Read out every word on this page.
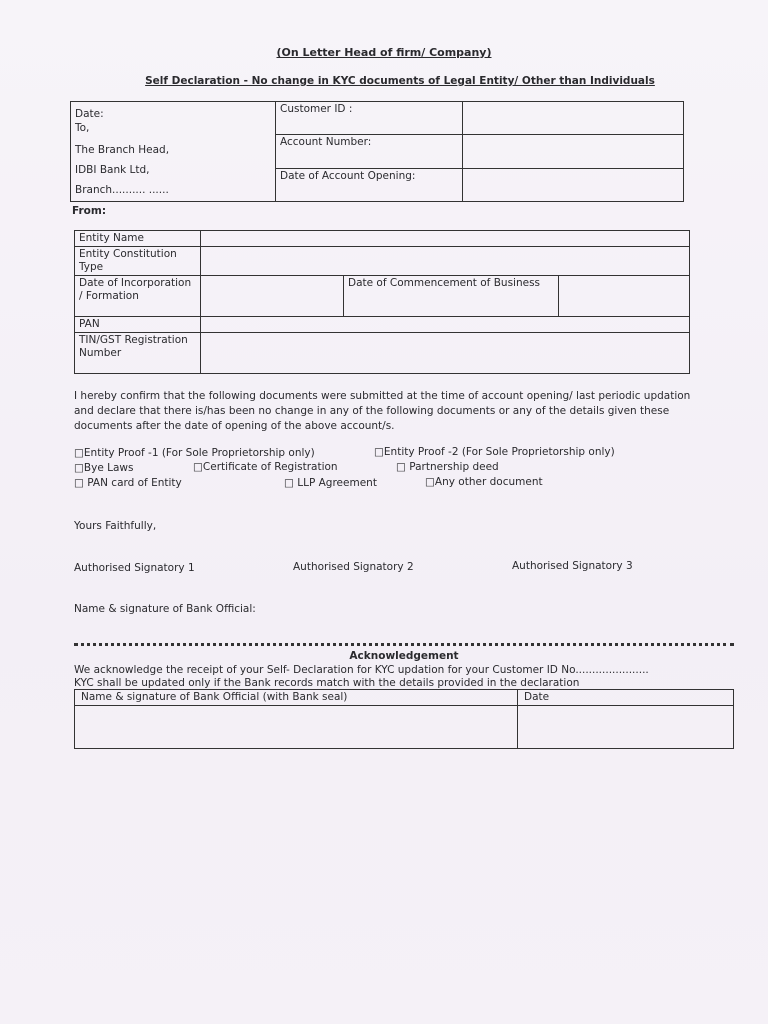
(On Letter Head of firm/ Company)
Self Declaration - No change in KYC documents of Legal Entity/ Other than Individuals
Date:
To,
The Branch Head,
IDBI Bank Ltd,
Branch.......... ......	Customer ID :	
	Account Number:	
	Date of Account Opening:	
From:
Entity Name			
Entity Constitution Type			
Date of Incorporation / Formation		Date of Commencement of Business	
PAN			
TIN/GST Registration Number			
I hereby confirm that the following documents were submitted at the time of account opening/ last periodic updation and declare that there is/has been no change in any of the following documents or any of the details given these documents after the date of opening of the above account/s.
□Entity Proof -1 (For Sole Proprietorship only)	□Entity Proof -2 (For Sole Proprietorship only)
□Bye Laws	□Certificate of Registration	□ Partnership deed
□ PAN card of Entity	□ LLP Agreement	□Any other document
Yours Faithfully,
Authorised Signatory 1	Authorised Signatory 2	Authorised Signatory 3
Name & signature of Bank Official:
Acknowledgement
We acknowledge the receipt of your Self- Declaration for KYC updation for your Customer ID No......................
KYC shall be updated only if the Bank records match with the details provided in the declaration
Name & signature of Bank Official (with Bank seal)	Date
